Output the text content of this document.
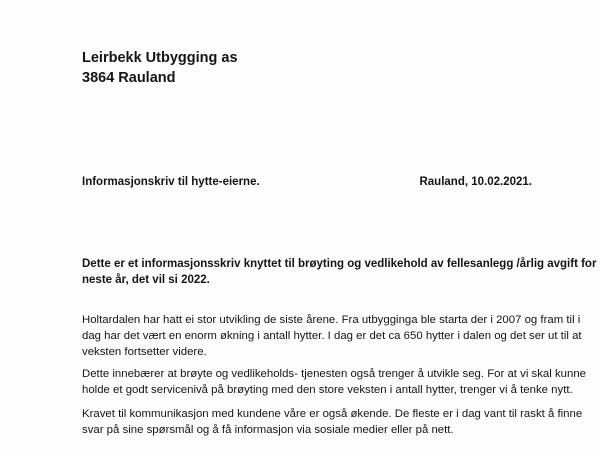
Leirbekk Utbygging as
3864 Rauland
Informasjonskriv til hytte-eierne.	Rauland, 10.02.2021.
Dette er et informasjonsskriv knyttet til brøyting og vedlikehold av fellesanlegg /årlig avgift for
neste år, det vil si 2022.
Holtardalen har hatt ei stor utvikling de siste årene. Fra utbygginga ble starta der i 2007 og fram til i
dag har det vært en enorm økning i antall hytter. I dag er det ca 650 hytter i dalen og det ser ut til at
veksten fortsetter videre.
Dette innebærer at brøyte og vedlikeholds- tjenesten også trenger å utvikle seg. For at vi skal kunne
holde et godt servicenivå på brøyting med den store veksten i antall hytter, trenger vi å tenke nytt.
Kravet til kommunikasjon med kundene våre er også økende. De fleste er i dag vant til raskt å finne
svar på sine spørsmål og å få informasjon via sosiale medier eller på nett.
